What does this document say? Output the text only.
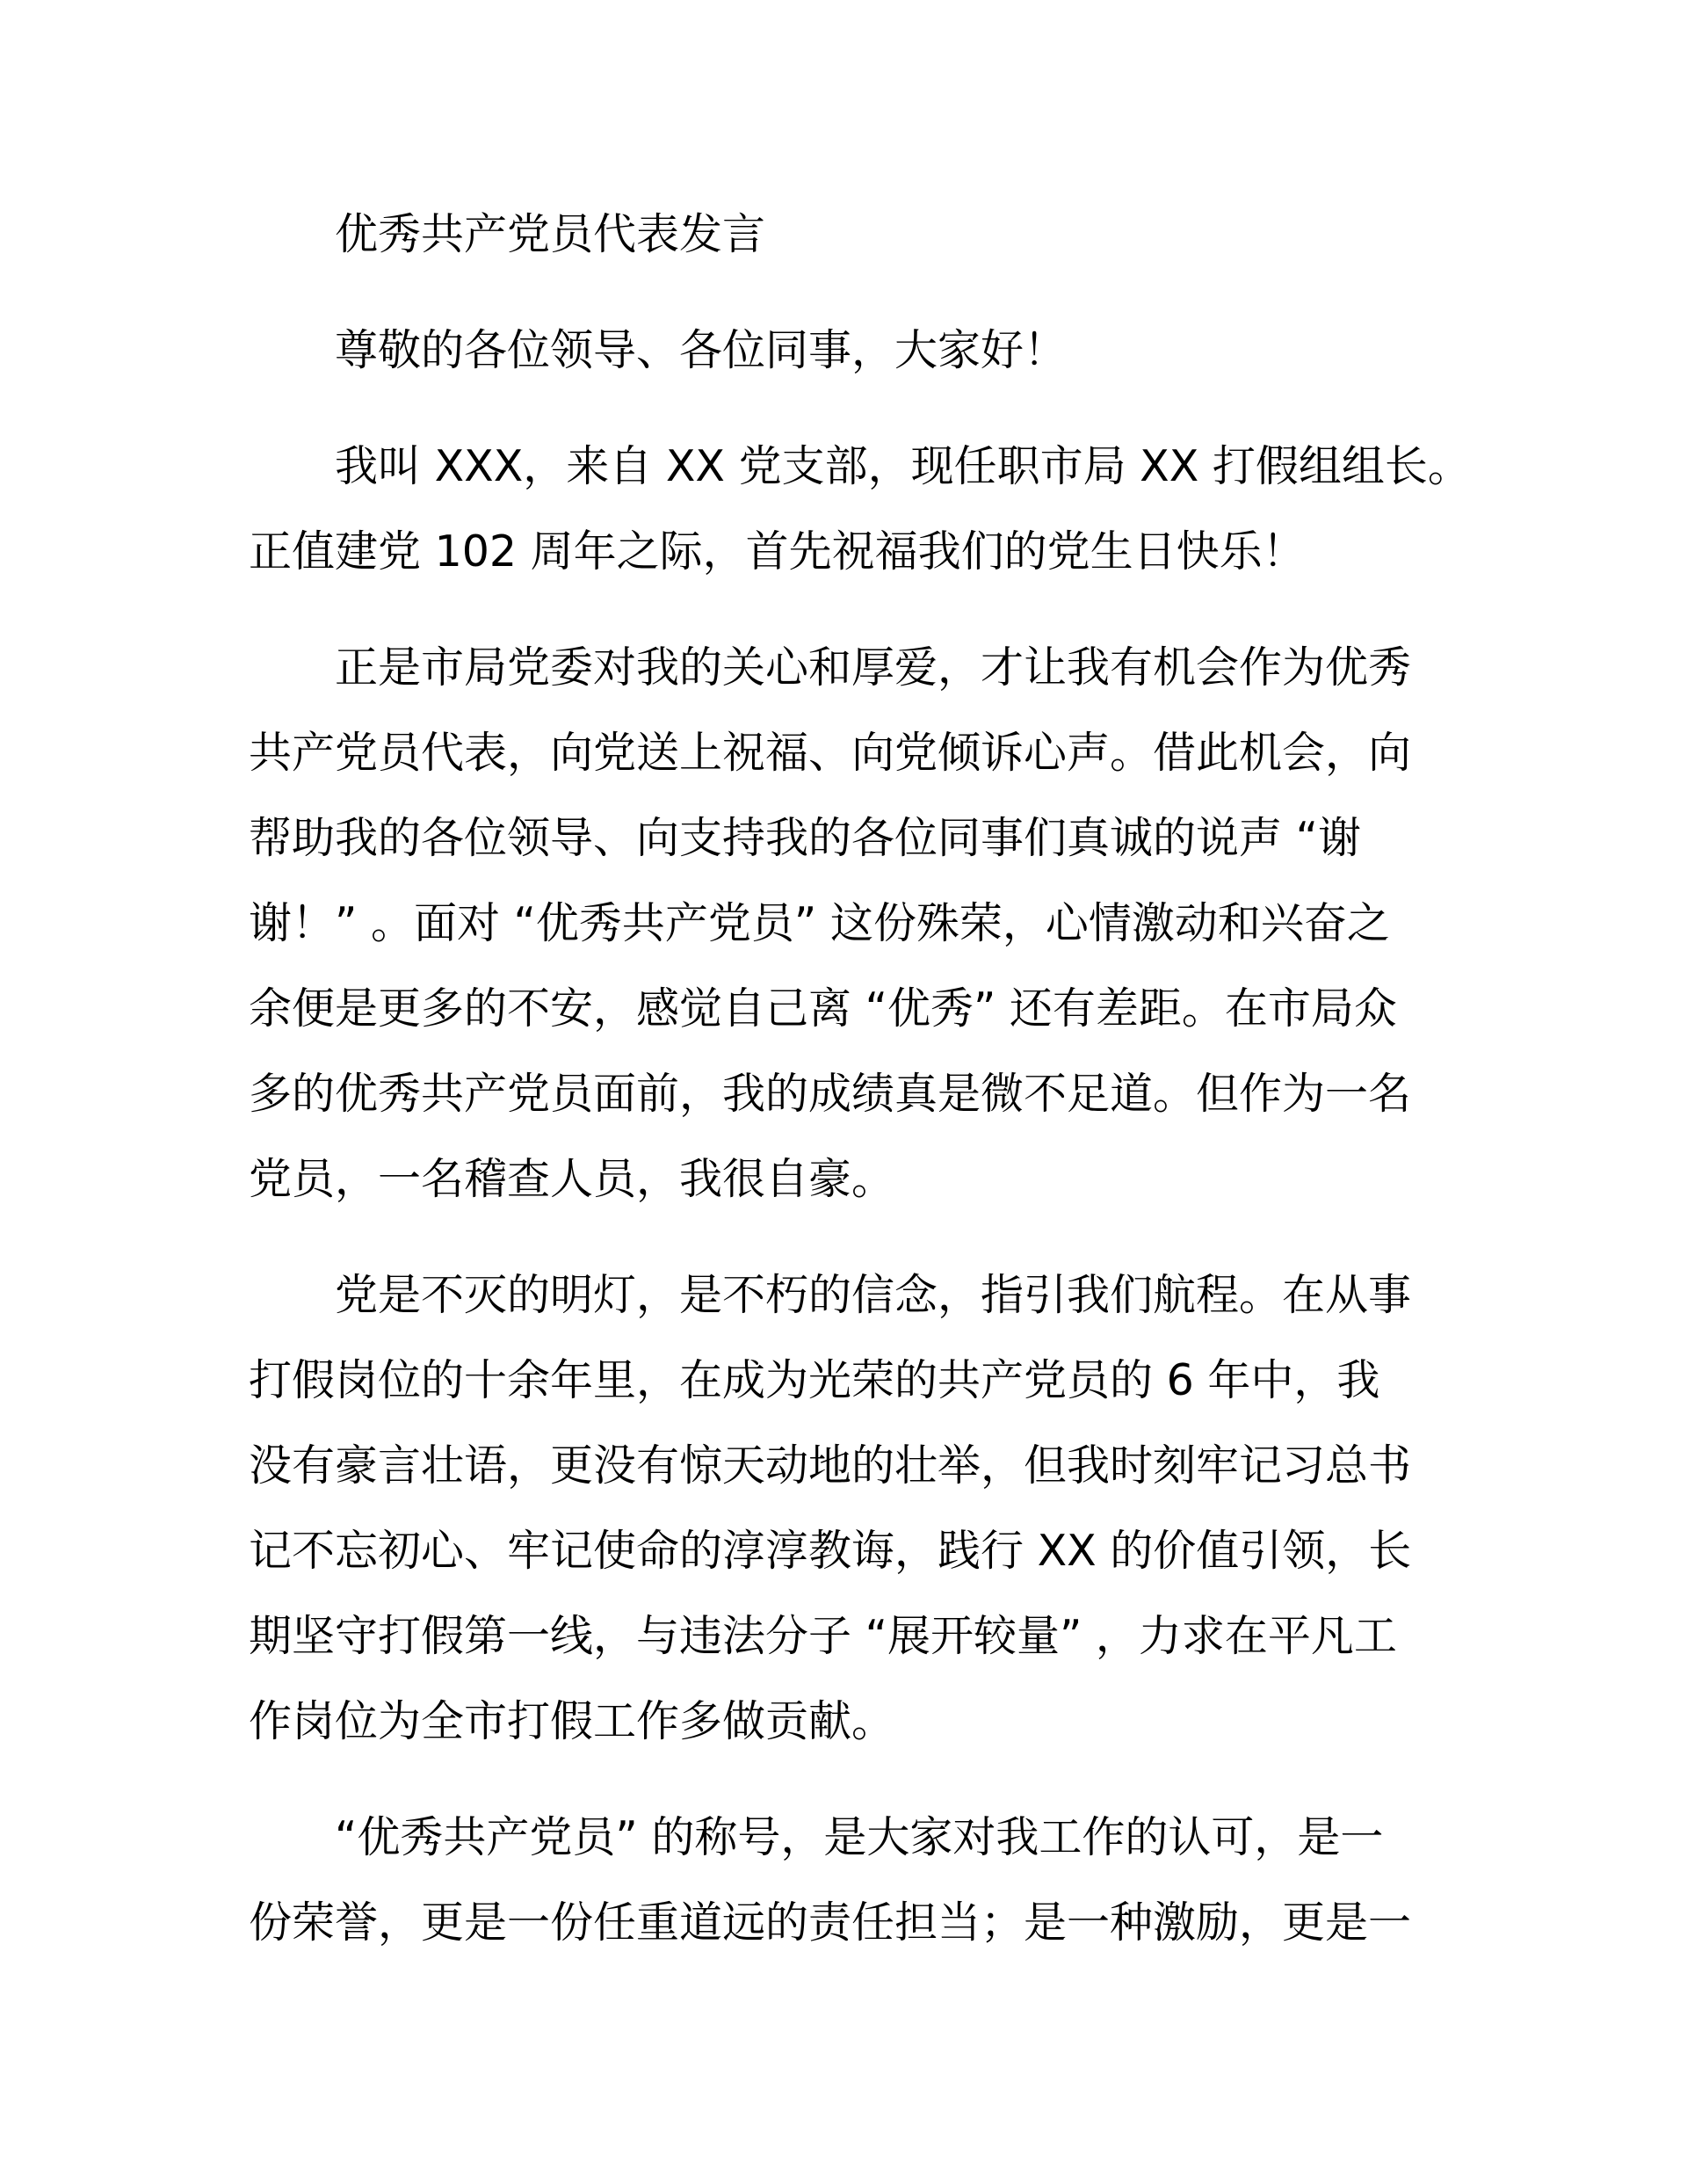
优秀共产党员代表发言

尊敬的各位领导、各位同事，大家好！

我叫 XXX，来自 XX 党支部，现任职市局 XX 打假组组长。
正值建党 102 周年之际，首先祝福我们的党生日快乐！

正是市局党委对我的关心和厚爱，才让我有机会作为优秀
共产党员代表，向党送上祝福、向党倾诉心声。借此机会，向
帮助我的各位领导、向支持我的各位同事们真诚的说声 “谢
谢！” 。面对 “优秀共产党员” 这份殊荣，心情激动和兴奋之
余便是更多的不安，感觉自己离 “优秀” 还有差距。在市局众
多的优秀共产党员面前，我的成绩真是微不足道。但作为一名
党员，一名稽查人员，我很自豪。

党是不灭的明灯，是不朽的信念，指引我们航程。在从事
打假岗位的十余年里，在成为光荣的共产党员的 6 年中，我
没有豪言壮语，更没有惊天动地的壮举，但我时刻牢记习总书
记不忘初心、牢记使命的淳淳教诲，践行 XX 的价值引领，长
期坚守打假第一线，与违法分子 “展开较量” ，力求在平凡工
作岗位为全市打假工作多做贡献。

“优秀共产党员” 的称号，是大家对我工作的认可，是一
份荣誉，更是一份任重道远的责任担当；是一种激励，更是一
